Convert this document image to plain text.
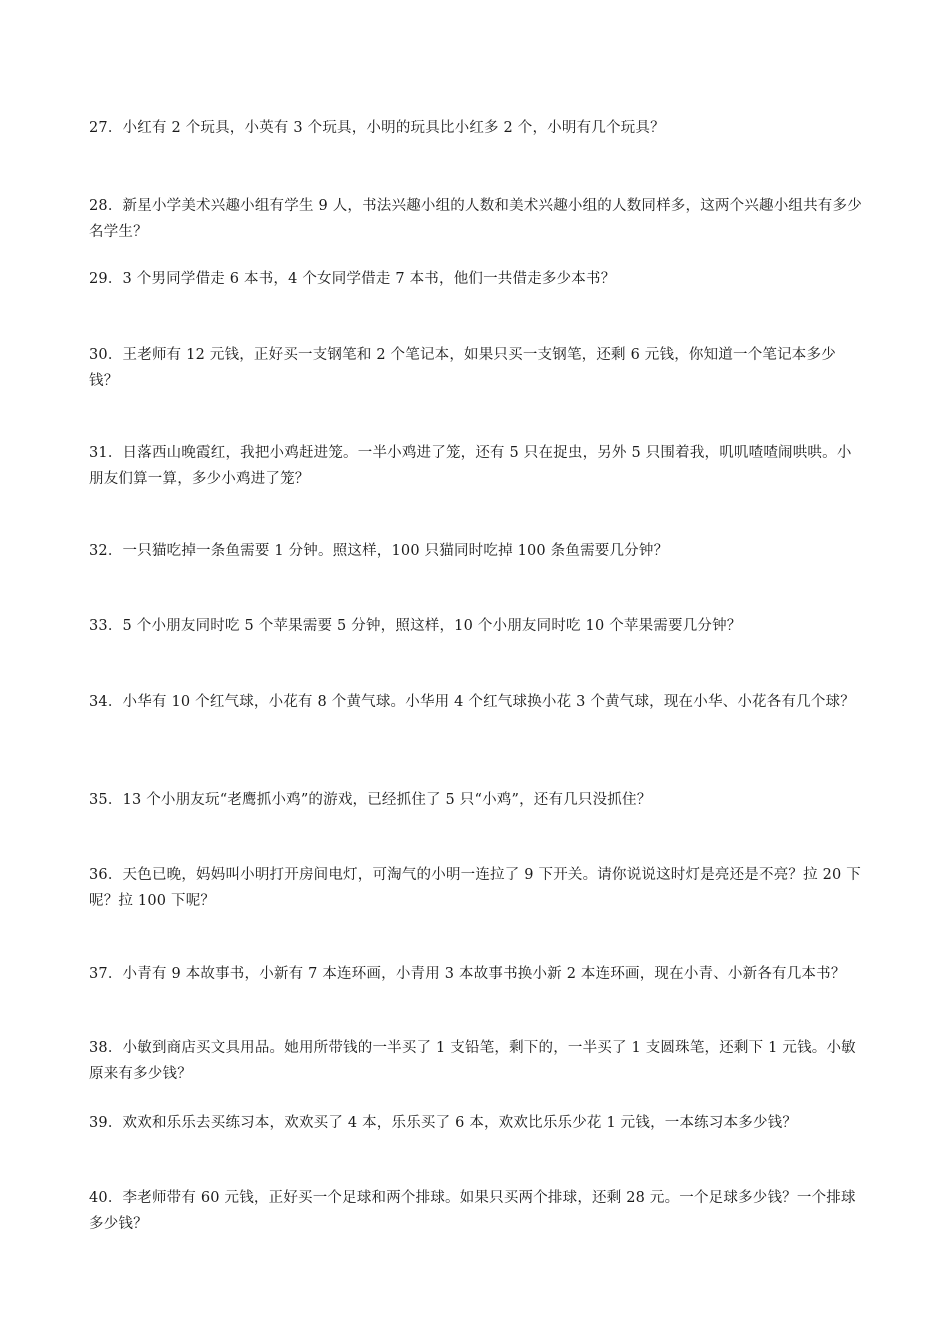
27．小红有 2 个玩具，小英有 3 个玩具，小明的玩具比小红多 2 个，小明有几个玩具？

28．新星小学美术兴趣小组有学生 9 人，书法兴趣小组的人数和美术兴趣小组的人数同样多，这两个兴趣小组共有多少名学生？

29．3 个男同学借走 6 本书，4 个女同学借走 7 本书，他们一共借走多少本书？

30．王老师有 12 元钱，正好买一支钢笔和 2 个笔记本，如果只买一支钢笔，还剩 6 元钱，你知道一个笔记本多少钱？

31．日落西山晚霞红，我把小鸡赶进笼。一半小鸡进了笼，还有 5 只在捉虫，另外 5 只围着我，叽叽喳喳闹哄哄。小朋友们算一算，多少小鸡进了笼？

32．一只猫吃掉一条鱼需要 1 分钟。照这样，100 只猫同时吃掉 100 条鱼需要几分钟？

33．5 个小朋友同时吃 5 个苹果需要 5 分钟，照这样，10 个小朋友同时吃 10 个苹果需要几分钟？

34．小华有 10 个红气球，小花有 8 个黄气球。小华用 4 个红气球换小花 3 个黄气球，现在小华、小花各有几个球？

35．13 个小朋友玩“老鹰抓小鸡”的游戏，已经抓住了 5 只“小鸡”，还有几只没抓住？

36．天色已晚，妈妈叫小明打开房间电灯，可淘气的小明一连拉了 9 下开关。请你说说这时灯是亮还是不亮？拉 20 下呢？拉 100 下呢？

37．小青有 9 本故事书，小新有 7 本连环画，小青用 3 本故事书换小新 2 本连环画，现在小青、小新各有几本书？

38．小敏到商店买文具用品。她用所带钱的一半买了 1 支铅笔，剩下的，一半买了 1 支圆珠笔，还剩下 1 元钱。小敏原来有多少钱？

39．欢欢和乐乐去买练习本，欢欢买了 4 本，乐乐买了 6 本，欢欢比乐乐少花 1 元钱，一本练习本多少钱？

40．李老师带有 60 元钱，正好买一个足球和两个排球。如果只买两个排球，还剩 28 元。一个足球多少钱？一个排球多少钱？
